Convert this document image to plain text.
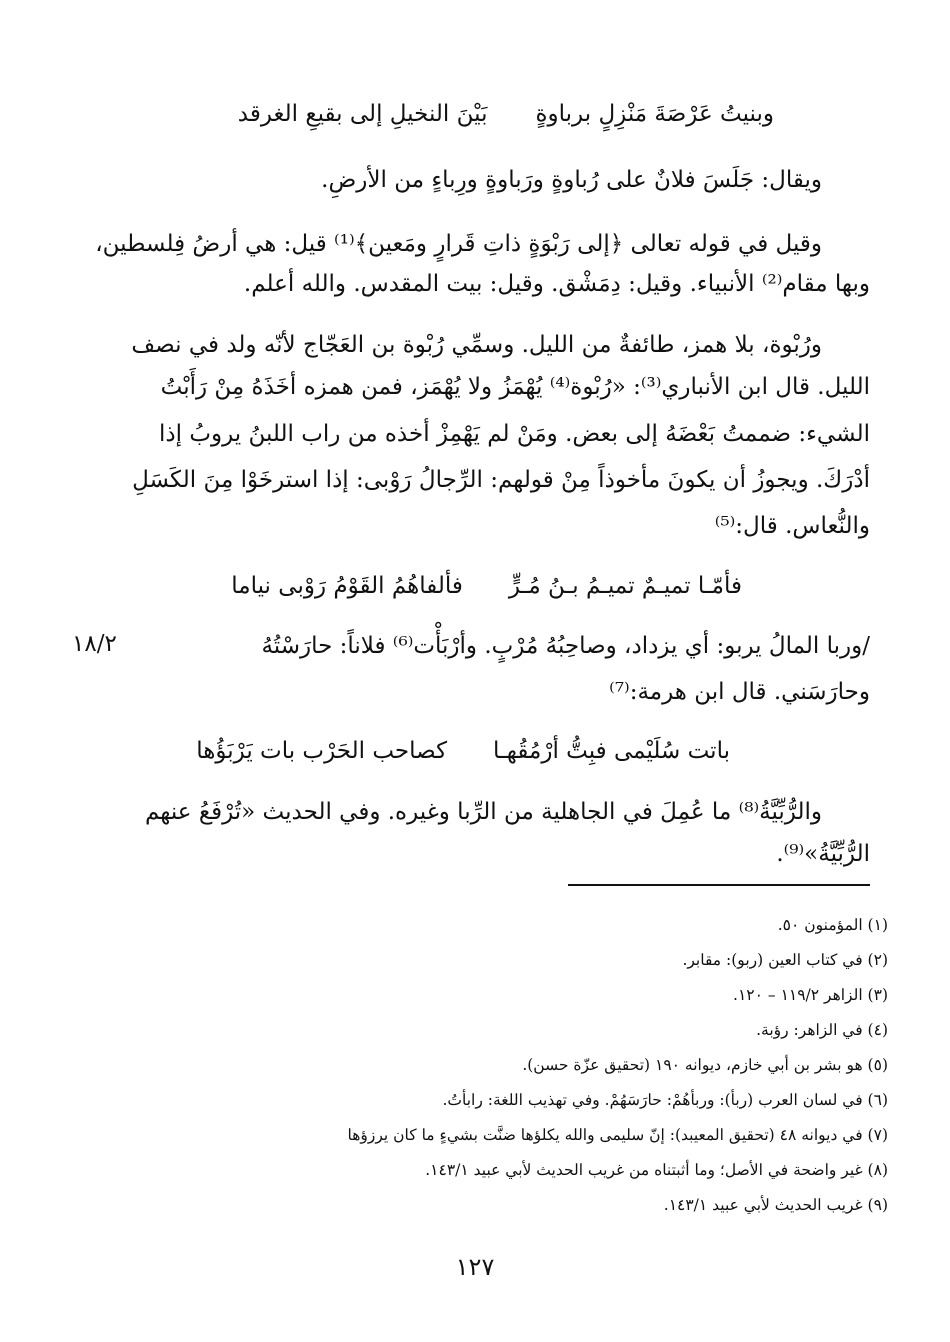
وبنيتُ عَرْصَةَ مَنْزِلٍ برباوةٍ
بَيْنَ النخيلِ إلى بقيعِ الغرقد
ويقال: جَلَسَ فلانٌ على رُباوةٍ ورَباوةٍ ورِباءٍ من الأرضِ.
وقيل في قوله تعالى ﴿إلى رَبْوَةٍ ذاتِ قَرارٍ ومَعين﴾⁽¹⁾ قيل: هي أرضُ فِلسطين،
وبها مقام⁽²⁾ الأنبياء. وقيل: دِمَشْق. وقيل: بيت المقدس. والله أعلم.
ورُبْوة، بلا همز، طائفةٌ من الليل. وسمِّي رُبْوة بن العَجّاج لأنّه ولد في نصف
الليل. قال ابن الأنباري⁽³⁾: «رُبْوة⁽⁴⁾ يُهْمَزُ ولا يُهْمَز، فمن همزه أخَذَهُ مِنْ رَأَبْتُ
الشيء: ضممتُ بَعْضَهُ إلى بعض. ومَنْ لم يَهْمِزْ أخذه من راب اللبنُ يروبُ إذا
أدْرَكَ. ويجوزُ أن يكونَ مأخوذاً مِنْ قولهم: الرِّجالُ رَوْبى: إذا استرخَوْا مِنَ الكَسَلِ
والنُّعاس. قال:⁽⁵⁾
فأمّـا تميـمٌ تميـمُ بـنُ مُـرٍّ
فألفاهُمُ القَوْمُ رَوْبى نياما
/وربا المالُ يربو: أي يزداد، وصاحِبُهُ مُرْبٍ. وأرْبَأْت⁽⁶⁾ فلاناً: حارَسْتُهُ
١٨/٢
وحارَسَني. قال ابن هرمة:⁽⁷⁾
باتت سُلَيْمى فبِتُّ أرْمُقُهـا
كصاحب الحَرْب بات يَرْبَؤُها
والرُّبِّيَّةُ⁽⁸⁾ ما عُمِلَ في الجاهلية من الرِّبا وغيره. وفي الحديث «تُرْفَعُ عنهم
الرُّبِّيَّةُ»⁽⁹⁾.
(١) المؤمنون ٥٠.
(٢) في كتاب العين (ربو): مقابر.
(٣) الزاهر ١١٩/٢ – ١٢٠.
(٤) في الزاهر: رؤبة.
(٥) هو بشر بن أبي خازم، ديوانه ١٩٠ (تحقيق عزّة حسن).
(٦) في لسان العرب (ربأ): وربأهُمْ: حارَسَهُمْ. وفي تهذيب اللغة: رابأتُ.
(٧) في ديوانه ٤٨ (تحقيق المعيبد): إنّ سليمى والله يكلؤها ضنَّت بشيءٍ ما كان يرزؤها
(٨) غير واضحة في الأصل؛ وما أثبتناه من غريب الحديث لأبي عبيد ١٤٣/١.
(٩) غريب الحديث لأبي عبيد ١٤٣/١.
١٢٧
